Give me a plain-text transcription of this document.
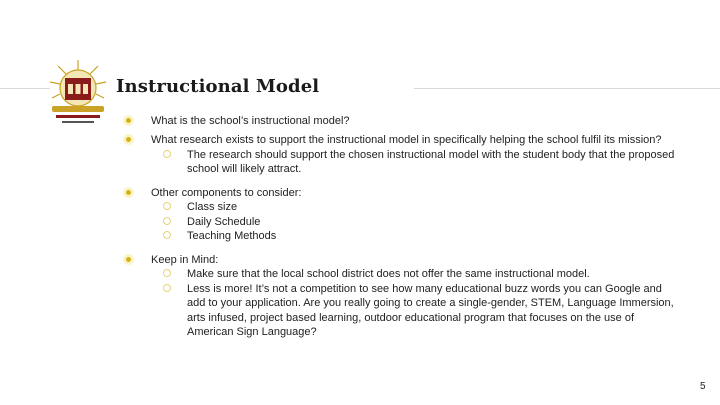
Instructional Model
What is the school’s instructional model?
What research exists to support the instructional model in specifically helping the school fulfil its mission?
The research should support the chosen instructional model with the student body that the proposed school will likely attract.
Other components to consider:
Class size
Daily Schedule
Teaching Methods
Keep in Mind:
Make sure that the local school district does not offer the same instructional model.
Less is more! It’s not a competition to see how many educational buzz words you can Google and add to your application. Are you really going to create a single-gender, STEM, Language Immersion, arts infused, project based learning, outdoor educational program that focuses on the use of American Sign Language?
5
